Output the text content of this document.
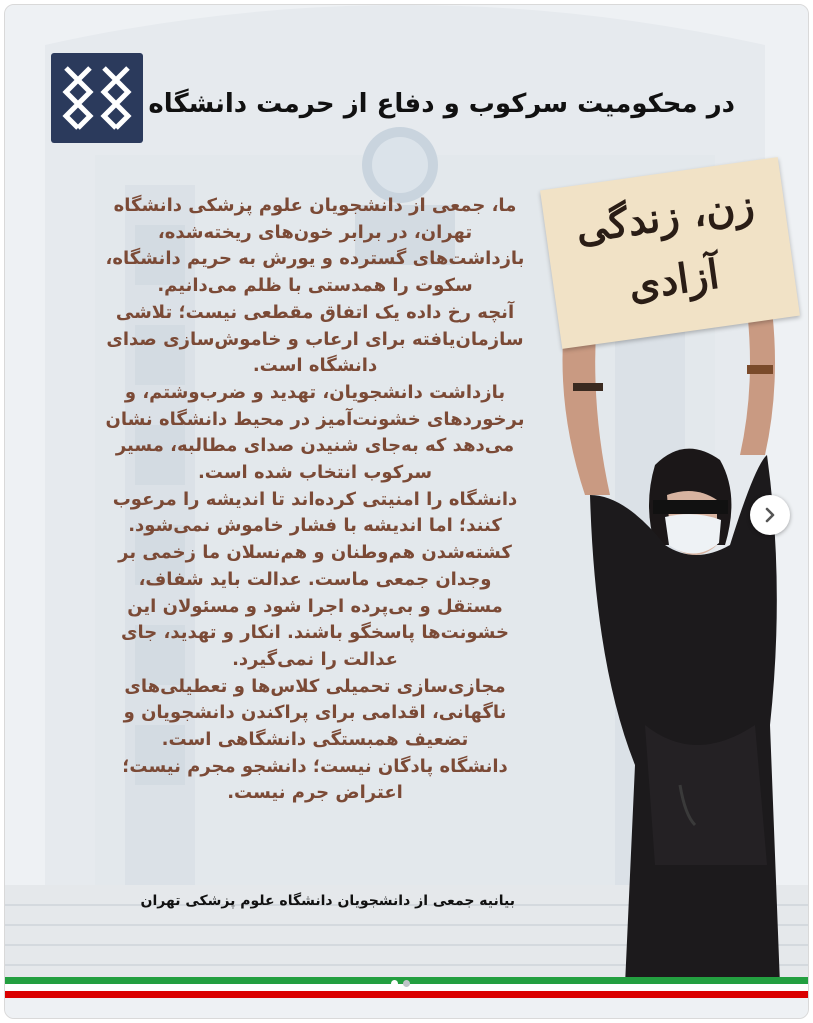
در محکومیت سرکوب و دفاع از حرمت دانشگاه

ما، جمعی از دانشجویان علوم پزشکی دانشگاه تهران، در برابر خون‌های ریخته‌شده، بازداشت‌های گسترده و یورش به حریم دانشگاه، سکوت را همدستی با ظلم می‌دانیم.

آنچه رخ داده یک اتفاق مقطعی نیست؛ تلاشی سازمان‌یافته برای ارعاب و خاموش‌سازی صدای دانشگاه است.

بازداشت دانشجویان، تهدید و ضرب‌وشتم، و برخوردهای خشونت‌آمیز در محیط دانشگاه نشان می‌دهد که به‌جای شنیدن صدای مطالبه، مسیر سرکوب انتخاب شده است.

دانشگاه را امنیتی کرده‌اند تا اندیشه را مرعوب کنند؛ اما اندیشه با فشار خاموش نمی‌شود.

کشته‌شدن هم‌وطنان و هم‌نسلان ما زخمی بر وجدان جمعی ماست. عدالت باید شفاف، مستقل و بی‌پرده اجرا شود و مسئولان این خشونت‌ها پاسخگو باشند. انکار و تهدید، جای عدالت را نمی‌گیرد.

مجازی‌سازی تحمیلی کلاس‌ها و تعطیلی‌های ناگهانی، اقدامی برای پراکندن دانشجویان و تضعیف همبستگی دانشگاهی است.

دانشگاه پادگان نیست؛ دانشجو مجرم نیست؛ اعتراض جرم نیست.

بیانیه جمعی از دانشجویان دانشگاه علوم پزشکی تهران
زن، زندگی
آزادی
